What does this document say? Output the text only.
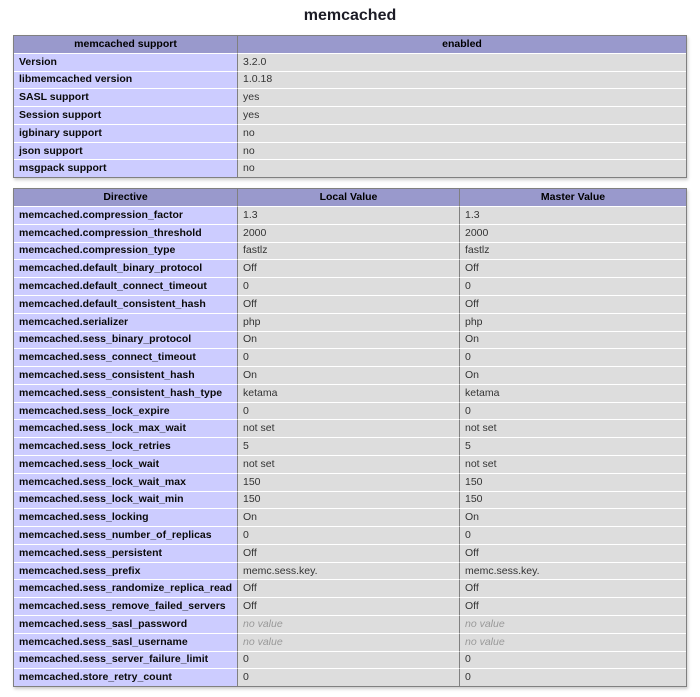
memcached
memcached support	enabled
Version	3.2.0
libmemcached version	1.0.18
SASL support	yes
Session support	yes
igbinary support	no
json support	no
msgpack support	no
Directive	Local Value	Master Value
memcached.compression_factor	1.3	1.3
memcached.compression_threshold	2000	2000
memcached.compression_type	fastlz	fastlz
memcached.default_binary_protocol	Off	Off
memcached.default_connect_timeout	0	0
memcached.default_consistent_hash	Off	Off
memcached.serializer	php	php
memcached.sess_binary_protocol	On	On
memcached.sess_connect_timeout	0	0
memcached.sess_consistent_hash	On	On
memcached.sess_consistent_hash_type	ketama	ketama
memcached.sess_lock_expire	0	0
memcached.sess_lock_max_wait	not set	not set
memcached.sess_lock_retries	5	5
memcached.sess_lock_wait	not set	not set
memcached.sess_lock_wait_max	150	150
memcached.sess_lock_wait_min	150	150
memcached.sess_locking	On	On
memcached.sess_number_of_replicas	0	0
memcached.sess_persistent	Off	Off
memcached.sess_prefix	memc.sess.key.	memc.sess.key.
memcached.sess_randomize_replica_read	Off	Off
memcached.sess_remove_failed_servers	Off	Off
memcached.sess_sasl_password	no value	no value
memcached.sess_sasl_username	no value	no value
memcached.sess_server_failure_limit	0	0
memcached.store_retry_count	0	0
